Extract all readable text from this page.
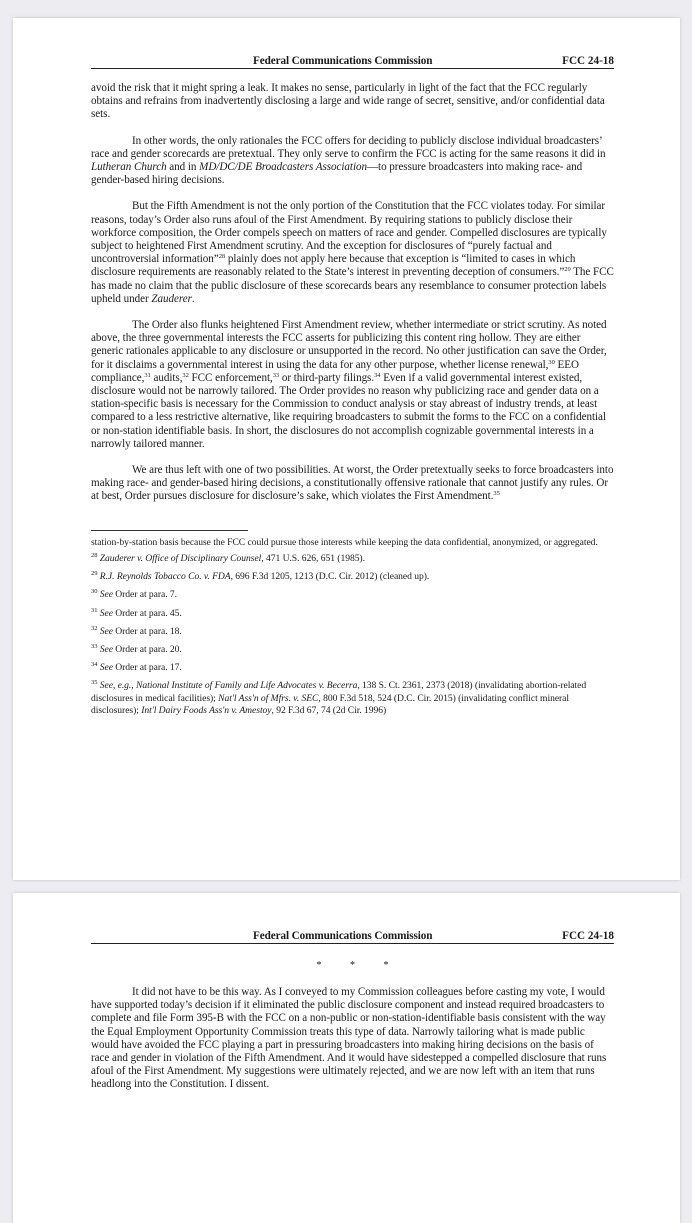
Federal Communications Commission	FCC 24-18

avoid the risk that it might spring a leak. It makes no sense, particularly in light of the fact that the FCC regularly obtains and refrains from inadvertently disclosing a large and wide range of secret, sensitive, and/or confidential data sets.

In other words, the only rationales the FCC offers for deciding to publicly disclose individual broadcasters’ race and gender scorecards are pretextual. They only serve to confirm the FCC is acting for the same reasons it did in Lutheran Church and in MD/DC/DE Broadcasters Association—to pressure broadcasters into making race- and gender-based hiring decisions.

But the Fifth Amendment is not the only portion of the Constitution that the FCC violates today. For similar reasons, today’s Order also runs afoul of the First Amendment. By requiring stations to publicly disclose their workforce composition, the Order compels speech on matters of race and gender. Compelled disclosures are typically subject to heightened First Amendment scrutiny. And the exception for disclosures of “purely factual and uncontroversial information”$^{28}$ plainly does not apply here because that exception is “limited to cases in which disclosure requirements are reasonably related to the State’s interest in preventing deception of consumers.”$^{29}$ The FCC has made no claim that the public disclosure of these scorecards bears any resemblance to consumer protection labels upheld under Zauderer.

The Order also flunks heightened First Amendment review, whether intermediate or strict scrutiny. As noted above, the three governmental interests the FCC asserts for publicizing this content ring hollow. They are either generic rationales applicable to any disclosure or unsupported in the record. No other justification can save the Order, for it disclaims a governmental interest in using the data for any other purpose, whether license renewal,$^{30}$ EEO compliance,$^{31}$ audits,$^{32}$ FCC enforcement,$^{33}$ or third-party filings.$^{34}$ Even if a valid governmental interest existed, disclosure would not be narrowly tailored. The Order provides no reason why publicizing race and gender data on a station-specific basis is necessary for the Commission to conduct analysis or stay abreast of industry trends, at least compared to a less restrictive alternative, like requiring broadcasters to submit the forms to the FCC on a confidential or non-station identifiable basis. In short, the disclosures do not accomplish cognizable governmental interests in a narrowly tailored manner.

We are thus left with one of two possibilities. At worst, the Order pretextually seeks to force broadcasters into making race- and gender-based hiring decisions, a constitutionally offensive rationale that cannot justify any rules. Or at best, Order pursues disclosure for disclosure’s sake, which violates the First Amendment.$^{35}$

station-by-station basis because the FCC could pursue those interests while keeping the data confidential, anonymized, or aggregated.

$^{28}$ Zauderer v. Office of Disciplinary Counsel, 471 U.S. 626, 651 (1985).

$^{29}$ R.J. Reynolds Tobacco Co. v. FDA, 696 F.3d 1205, 1213 (D.C. Cir. 2012) (cleaned up).

$^{30}$ See Order at para. 7.

$^{31}$ See Order at para. 45.

$^{32}$ See Order at para. 18.

$^{33}$ See Order at para. 20.

$^{34}$ See Order at para. 17.

$^{35}$ See, e.g., National Institute of Family and Life Advocates v. Becerra, 138 S. Ct. 2361, 2373 (2018) (invalidating abortion-related disclosures in medical facilities); Nat'l Ass'n of Mfrs. v. SEC, 800 F.3d 518, 524 (D.C. Cir. 2015) (invalidating conflict mineral disclosures); Int'l Dairy Foods Ass'n v. Amestoy, 92 F.3d 67, 74 (2d Cir. 1996)

Federal Communications Commission	FCC 24-18
*	*	*

It did not have to be this way. As I conveyed to my Commission colleagues before casting my vote, I would have supported today’s decision if it eliminated the public disclosure component and instead required broadcasters to complete and file Form 395-B with the FCC on a non-public or non-station-identifiable basis consistent with the way the Equal Employment Opportunity Commission treats this type of data. Narrowly tailoring what is made public would have avoided the FCC playing a part in pressuring broadcasters into making hiring decisions on the basis of race and gender in violation of the Fifth Amendment. And it would have sidestepped a compelled disclosure that runs afoul of the First Amendment. My suggestions were ultimately rejected, and we are now left with an item that runs headlong into the Constitution. I dissent.
